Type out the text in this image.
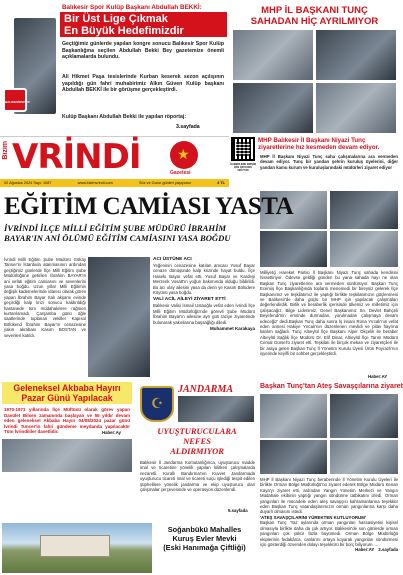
BALIKESİRSPOR
Balıkesir Spor Kulüp Başkanı Abdullah BEKKİ:
Bir Üst Lige Çıkmak
En Büyük Hedefimizdir
Geçtiğimiz günlerde yapılan kongre sonucu Balıkesir Spor Kulüp Başkanlığına seçilen Abdullah Bekki Bey gazetemize önemli açıklamalarda bulundu.
Ali Hikmet Paşa tesislerinde Kurban keserek sezon açılışının yapıldığı gün fahri muhabirimiz Alkın Güven Kulüp başkanı Abdullah BEKKİ ile bir görüşme gerçekleştirdi.
Kulüp Başkanı Abdullah Bekki ile yapılan röportaj:
3.sayfada
MHP İL BAŞKANI TUNÇ
SAHADAN HİÇ AYRILMIYOR
Bizim VRİNDİ	★
Gazetesi
02 Ağustos 2024 Sayı: 1087	www.bizimvrindi.com	Söz ve Gurur günleri yaşıyoruz	4 TL
HABERLERE ERİŞİM İÇİN QR KODU OKUTUN
MHP Balıkesir İl Başkanı Niyazi Tunç ziyaretlerine hız kesmeden devam ediyor.
MHP İl Başkanı Niyazi Tunç saha çalışmalarına ara vermeden devam ediyor. Tunç bir yandan şehrin kuruluş üyelerini, diğer yandan kamu kurum ve kuruluşlarındaki müdürleri ziyaret ediyor
Milliyetçi Hareket Partisi İl Başkanı Niyazi Tunç sahada kendisini hissettiriyor. Ödevse geldiği günden bu yana sahada hayı ne olan Başkan Tunç ziyaretlerine ara vermeden sürdürüyor. Başkan Tunç Ecemiş İlçe Başkanlığında toplantı menemedi bir bireysiz gelerek İlçe Başkanımız ve teşkilatımız ile yaptığı birlikte teşkilatımızın güçlenmesi ve Balıkesir'de daha güçlü bir MHP için yapılacak çalışmaları değerlendirdik. Birlik ve beraberlik içerisinde ülkemiz ve milletimiz için çalışacağız. Bilge Lidenimiz, Genel Başkanımız Sn. Devlet Bahçeli Beyefendi'nin emrinde durmadan, yorulmadan çalışmaya devam edeceğiz' dedi.Başkan Tunç daha sonra İş insanı Rona Yırcalı'nın vefat eden annesi Hakiye Yırcalı'nın düzenlenen mevlidi ve pilav hayrına katılım sağladı. Tunç Altıeylül İlçe Başkanı Alper Okçelik ile beraber Altıeylül Sağlık İlçe Müdürü Dr. Elif Dinar, Altıeylül İlçe Tarım Müdürü Cemal Gürsel'ü ziyaret etti. Teşkilatı ile birçok mekan ve ziyaretçileri ile bir araya gelen Başkan Tunç İl Yönetim Kurulu Üyesi Ürün Poyrazlı'nın işyerinde keyifli bir sohbet gerçekleştirdi.
Haber:AY
EĞİTİM CAMİASI YASTA
İVRİNDİ İLÇE MİLLİ EĞİTİM ŞUBE MÜDÜRÜ İBRAHİM BAYAR'IN ANİ ÖLÜMÜ EĞİTİM CAMİASINI YASA BOĞDU
İvrindi Milli Eğitim Şube Müdürü Gökay Tanser'in İstanbula atanmasının ardından geçtiğimiz günlerde İlçe Milli Eğitim Şube Müdürlüğüne getirilen İbrahim BAYAR'ın ani vefatı eğitim camiasını ve sevenlerini yasa boğdu. Uzun yıllar Milli Eğitimin değişik kademelerinde idareci olarak görev yapan İbrahim Bayar Salı akşamı evinde geçirdiği kalp krizi sonucu kaldırıldığı hastanede tüm müdahalelere rağmen kurtarılamadı. Çarşamba günü öğle saatlerinde toplanan vekiller Kapısol Bölükend İbrahim Bayar'ın cenazesine yakın akrabası Kasım BOSTAN ve sevenleri katıldı.
ACI ÜSTÜNE ACI
Yeğeninin cenazesine katılan amcası Yusuf Bayar cenaze dönüşünde kalp krizinde hayat buldu. İlçe Hasekı Bayar vefat etti. Yusuf Bayar ve Kardeşi Merzenk Vosatt'ın yoğun bakımında olduğu bildirildi. Bu acı olay ailesini yasa da derin ye Kasım Bölüdere Köyünü yasa boğdu.
VALİ ACİL AİLEYİ ZİYARET ETTİ
Balıkesir Valisi İsmail Ustaoğlu vefat eden İvrindi İlçe Milli Eğitim Müdürlüğü'nde görevli Şube Müdürü İbrahim Bayar'ın ailesine ayrı gün taziye ziyaretinde bulunarak yakınlarına başsağlığı diledi.
Muhammet Karakaya
Geleneksel Akbaba Hayırı
Pazar Günü Yapılacak
1970-1971 yıllarında İlçe Müftüsü olarak görev yapan Davület Bilsen zamanında başlayan ve 55 yıldır devam eden geleneksel Akbaba Hayırı 04/08/2024 pazar günü İvrindi Tuncer'in fahri gündeme meydanda yapılacaktır Tüm İvrindililer davetlidir.	Haber:Ay
☪
JANDARMA
UYUŞTURUCULARA
NEFES
ALDIRMIYOR
Balıkesir İl Jandarma Komutanlığınca, uyuşturucu madde imal ve ticaretine yönelik yapılan kilitken çalışmalarda nezaretli. Kurallı Bandırma'nın Kuvvet Jandarmada uyuşturucu ticareti imal ve ticareti suçu işlediği tespit edilen şüphelilere yönelik jandarma ve ekip uyuşturucu olan çalışmalar çerçevesinde ve operasyon düzenlendi.
5.sayfada
Başkan Tunç'tan Ateş Savaşçılarına ziyaret
MHP İl Başkanı Niyazi Tunç beraberinde İl Yönetim Kurulu Üyeleri ile birlikte Orman Bölge Müdürlüğü'nü ziyaret ederek Bölge Müdürü Kenan Kaya'yı ziyaret etti, ardından Yangın Yönetim Merkezi ve Yangın Müdahale ekibinin yaptığı yangın söndürme tatbikatını izledi. Orman yangınları ile mücadele eden ateş savaşçısı kahramanlarına teşekkür eden Başkan Tunç vatandaşlarımızın orman yangınlarına karşı daha duyarlı olmasını istedi.
'ATEŞ SAVAŞÇILARINI YÜREKTEN KUTLUYORUM'
Başkan Tunç 'Yaz aylarında orman yangınları hassasiyetini kişisel olmasıyla birlikte daha da çok artıyor. Balıkesir'de son günlerde orman yangınları çok şükür fazla büyümedi. Orman Bölge Müdürlüğü ekiplerinin fedakârca, canlarını ortaya koyarak yangınları söndürmesi için gösterdiği özveriden dolayı teşekkürü bir borç biliyorum. ...
Haber:AY 2.sayfada
Soğanbükü Mahalles
Kuruş Evler Mevki
(Eski Hanımağa Çiftliği)
